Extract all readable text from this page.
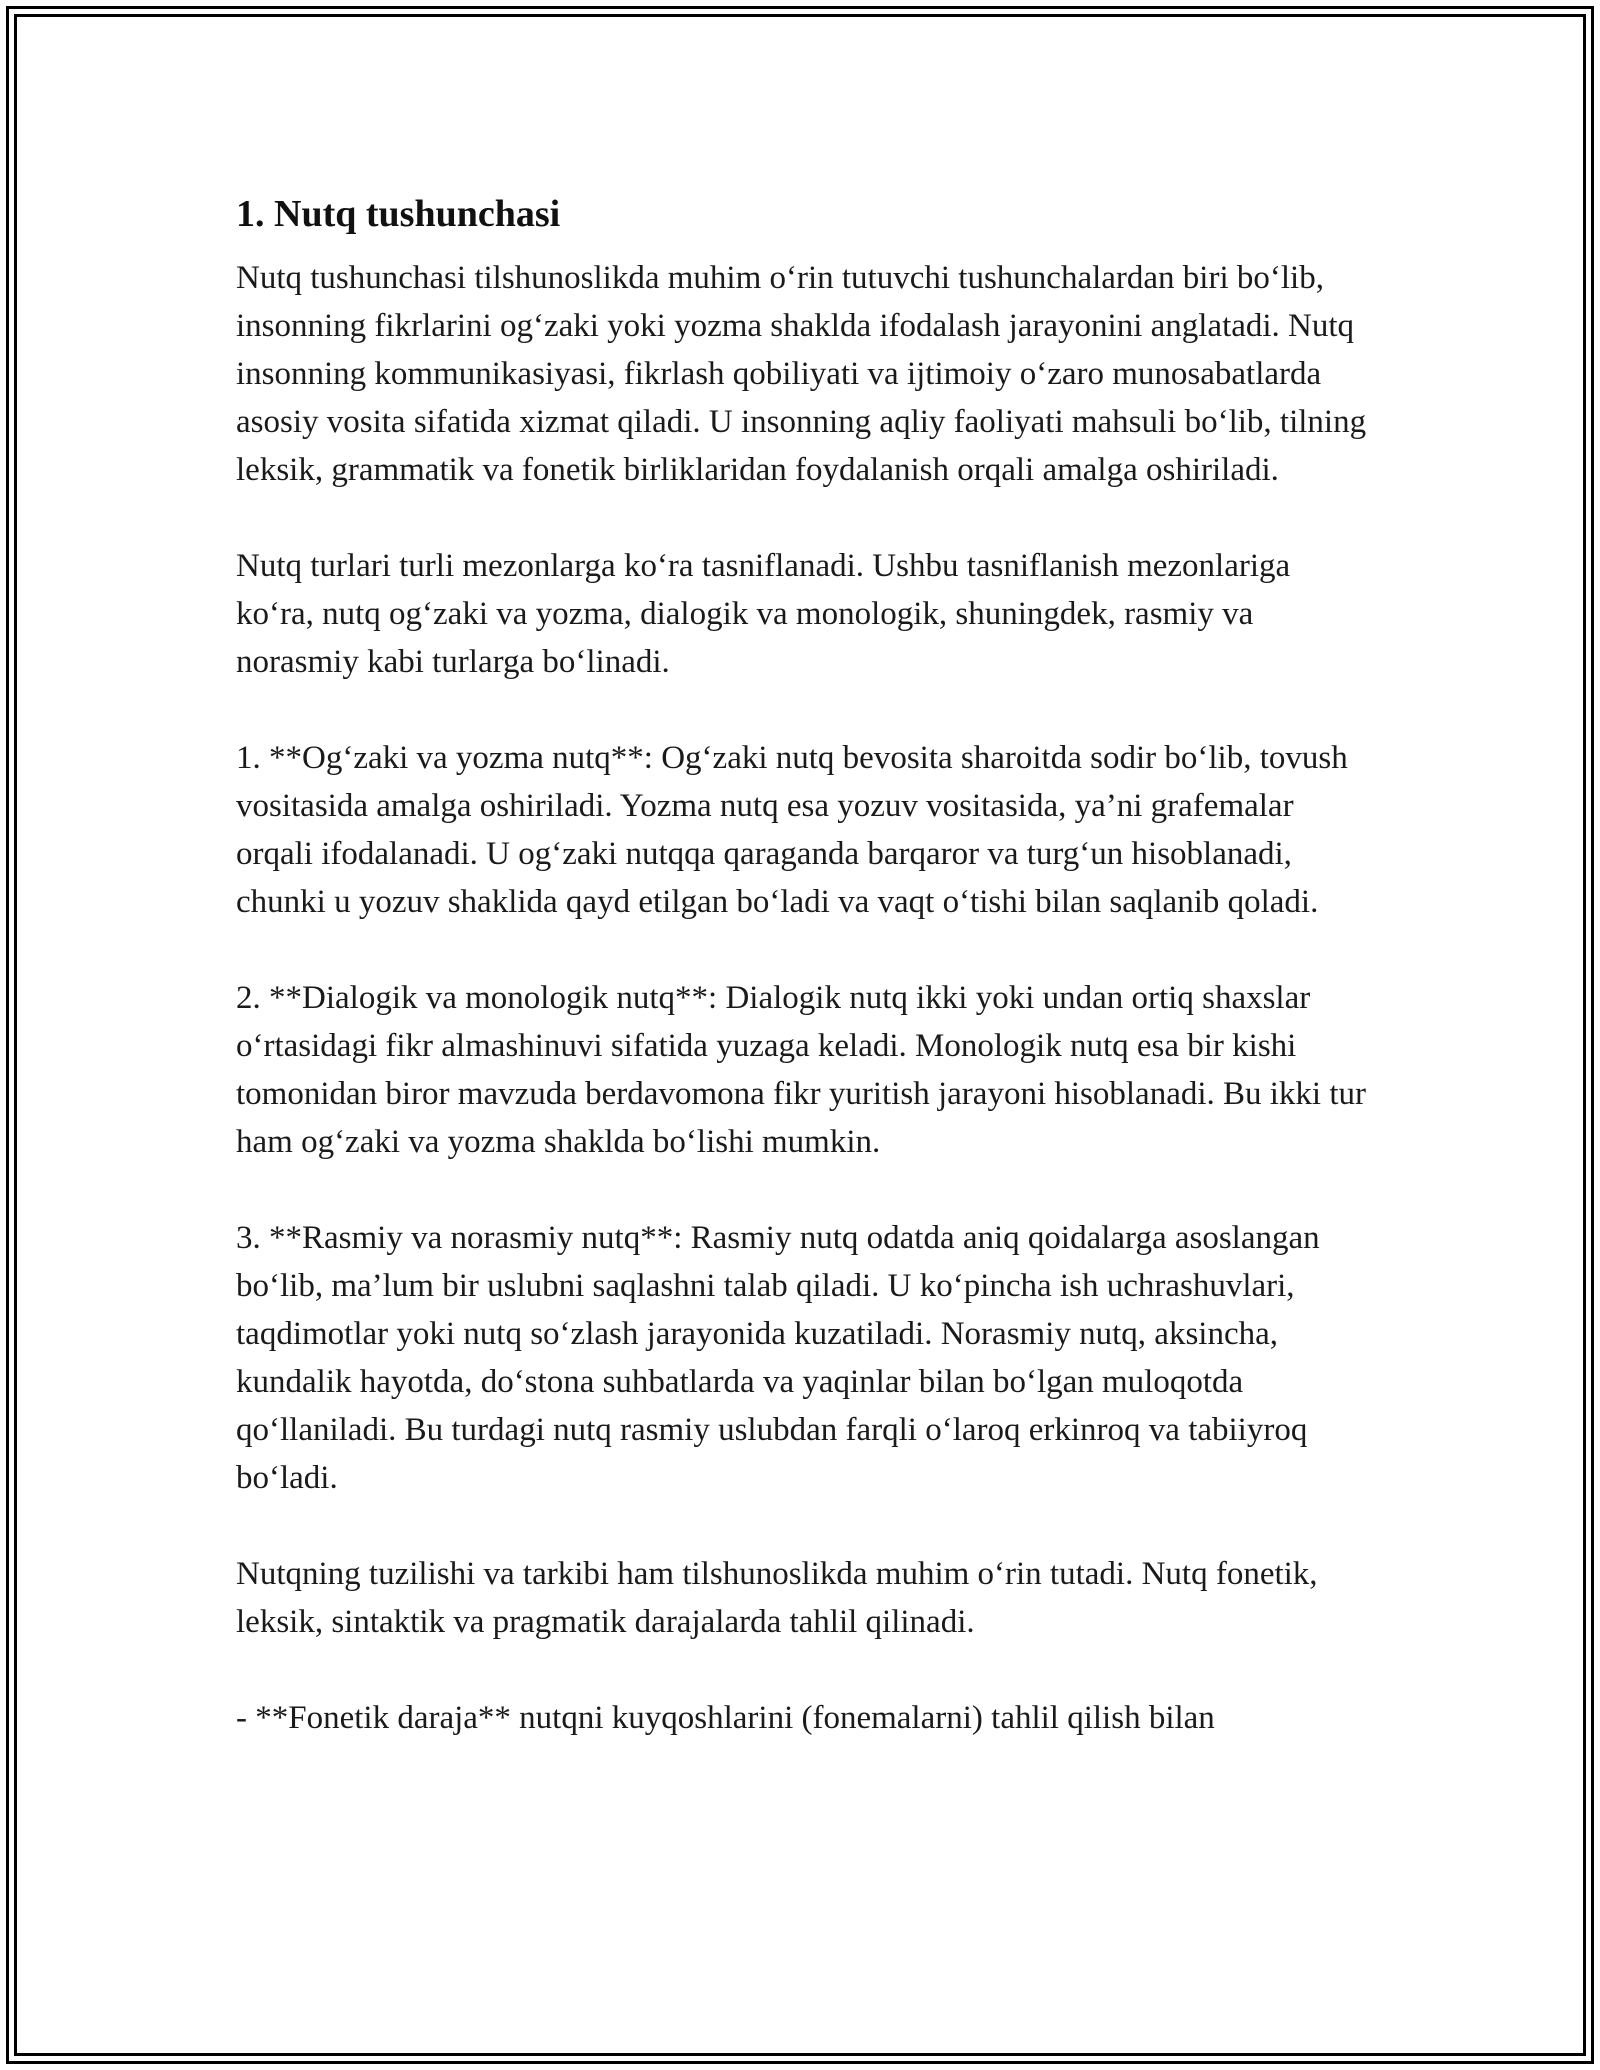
1. Nutq tushunchasi

Nutq tushunchasi tilshunoslikda muhim o‘rin tutuvchi tushunchalardan biri bo‘lib, insonning fikrlarini og‘zaki yoki yozma shaklda ifodalash jarayonini anglatadi. Nutq insonning kommunikasiyasi, fikrlash qobiliyati va ijtimoiy o‘zaro munosabatlarda asosiy vosita sifatida xizmat qiladi. U insonning aqliy faoliyati mahsuli bo‘lib, tilning leksik, grammatik va fonetik birliklaridan foydalanish orqali amalga oshiriladi.

Nutq turlari turli mezonlarga ko‘ra tasniflanadi. Ushbu tasniflanish mezonlariga ko‘ra, nutq og‘zaki va yozma, dialogik va monologik, shuningdek, rasmiy va norasmiy kabi turlarga bo‘linadi.

1. **Og‘zaki va yozma nutq**: Og‘zaki nutq bevosita sharoitda sodir bo‘lib, tovush vositasida amalga oshiriladi. Yozma nutq esa yozuv vositasida, ya’ni grafemalar orqali ifodalanadi. U og‘zaki nutqqa qaraganda barqaror va turg‘un hisoblanadi, chunki u yozuv shaklida qayd etilgan bo‘ladi va vaqt o‘tishi bilan saqlanib qoladi.

2. **Dialogik va monologik nutq**: Dialogik nutq ikki yoki undan ortiq shaxslar o‘rtasidagi fikr almashinuvi sifatida yuzaga keladi. Monologik nutq esa bir kishi tomonidan biror mavzuda berdavomona fikr yuritish jarayoni hisoblanadi. Bu ikki tur ham og‘zaki va yozma shaklda bo‘lishi mumkin.

3. **Rasmiy va norasmiy nutq**: Rasmiy nutq odatda aniq qoidalarga asoslangan bo‘lib, ma’lum bir uslubni saqlashni talab qiladi. U ko‘pincha ish uchrashuvlari, taqdimotlar yoki nutq so‘zlash jarayonida kuzatiladi. Norasmiy nutq, aksincha, kundalik hayotda, do‘stona suhbatlarda va yaqinlar bilan bo‘lgan muloqotda qo‘llaniladi. Bu turdagi nutq rasmiy uslubdan farqli o‘laroq erkinroq va tabiiyroq bo‘ladi.

Nutqning tuzilishi va tarkibi ham tilshunoslikda muhim o‘rin tutadi. Nutq fonetik, leksik, sintaktik va pragmatik darajalarda tahlil qilinadi.

- **Fonetik daraja** nutqni kuyqoshlarini (fonemalarni) tahlil qilish bilan
